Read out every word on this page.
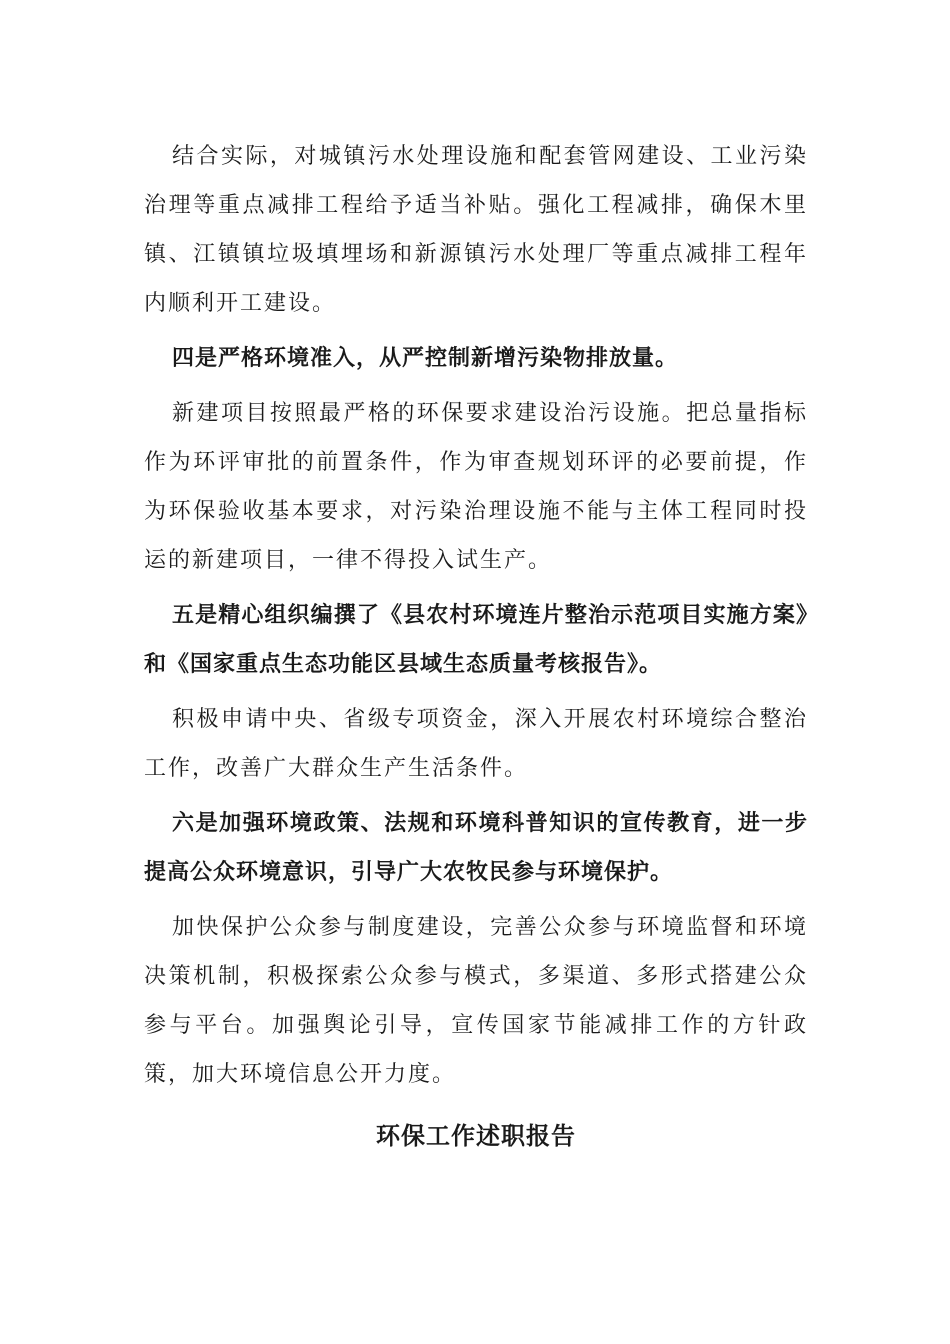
结合实际，对城镇污水处理设施和配套管网建设、工业污染治理等重点减排工程给予适当补贴。强化工程减排，确保木里镇、江镇镇垃圾填埋场和新源镇污水处理厂等重点减排工程年内顺利开工建设。

四是严格环境准入，从严控制新增污染物排放量。

新建项目按照最严格的环保要求建设治污设施。把总量指标作为环评审批的前置条件，作为审查规划环评的必要前提，作为环保验收基本要求，对污染治理设施不能与主体工程同时投运的新建项目，一律不得投入试生产。

五是精心组织编撰了《县农村环境连片整治示范项目实施方案》和《国家重点生态功能区县域生态质量考核报告》。

积极申请中央、省级专项资金，深入开展农村环境综合整治工作，改善广大群众生产生活条件。

六是加强环境政策、法规和环境科普知识的宣传教育，进一步提高公众环境意识，引导广大农牧民参与环境保护。

加快保护公众参与制度建设，完善公众参与环境监督和环境决策机制，积极探索公众参与模式，多渠道、多形式搭建公众参与平台。加强舆论引导，宣传国家节能减排工作的方针政策，加大环境信息公开力度。

环保工作述职报告
